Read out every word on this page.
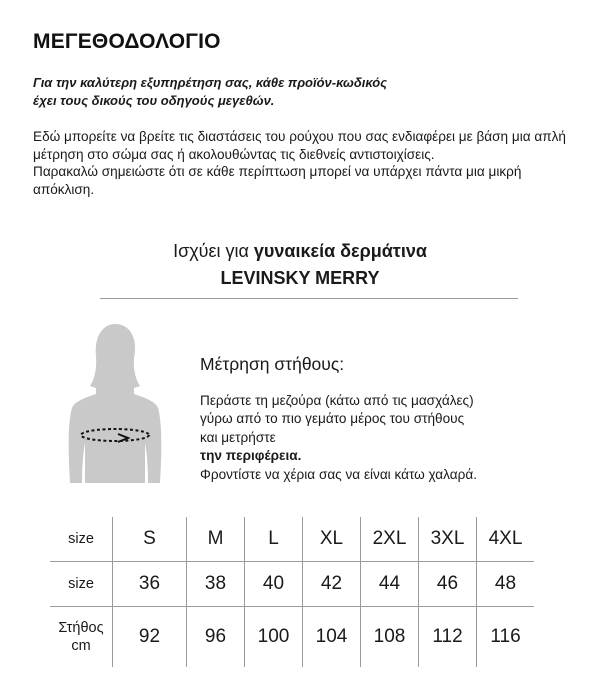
ΜΕΓΕΘΟΔΟΛΟΓΙΟ
Για την καλύτερη εξυπηρέτηση σας, κάθε προϊόν-κωδικός
έχει τους δικούς του οδηγούς μεγεθών.
Εδώ μπορείτε να βρείτε τις διαστάσεις του ρούχου που σας ενδιαφέρει με βάση μια απλή μέτρηση στο σώμα σας ή ακολουθώντας τις διεθνείς αντιστοιχίσεις.
Παρακαλώ σημειώστε ότι σε κάθε περίπτωση μπορεί να υπάρχει πάντα μια μικρή απόκλιση.
Ισχύει για γυναικεία δερμάτινα
LEVINSKY MERRY
Μέτρηση στήθους:
Περάστε τη μεζούρα (κάτω από τις μασχάλες)
γύρω από το πιο γεμάτο μέρος του στήθους
και μετρήστε
την περιφέρεια.
Φροντίστε να χέρια σας να είναι κάτω χαλαρά.
size	S	M	L	XL	2XL	3XL	4XL
size	36	38	40	42	44	46	48
Στήθος
cm	92	96	100	104	108	112	116
